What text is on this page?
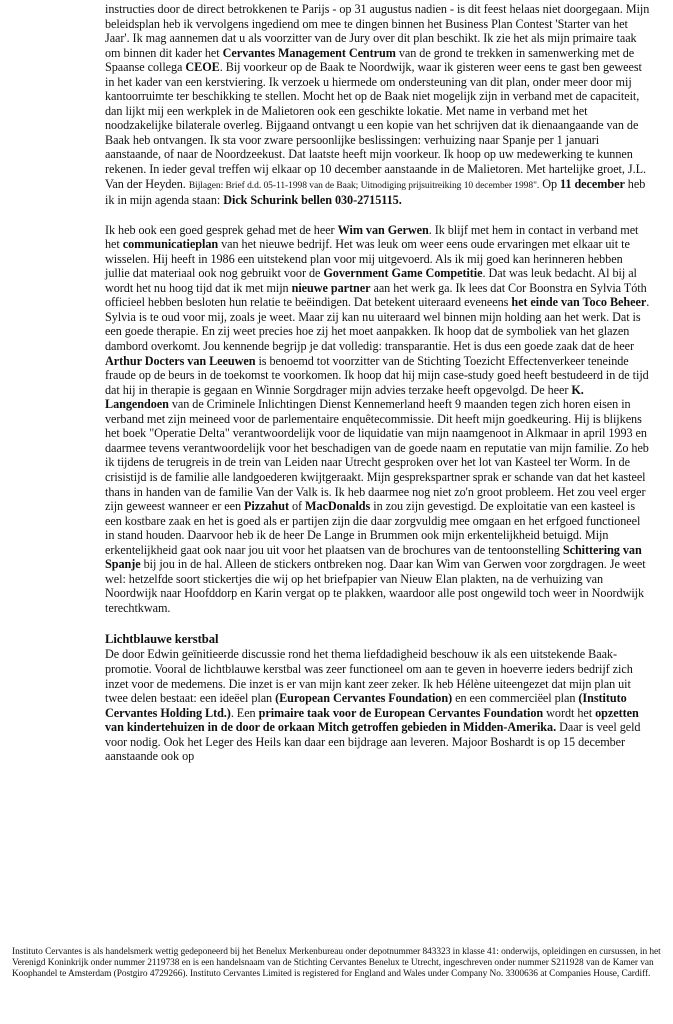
instructies door de direct betrokkenen te Parijs - op 31 augustus nadien - is dit feest helaas niet doorgegaan. Mijn beleidsplan heb ik vervolgens ingediend om mee te dingen binnen het Business Plan Contest 'Starter van het Jaar'. Ik mag aannemen dat u als voorzitter van de Jury over dit plan beschikt. Ik zie het als mijn primaire taak om binnen dit kader het Cervantes Management Centrum van de grond te trekken in samenwerking met de Spaanse collega CEOE. Bij voorkeur op de Baak te Noordwijk, waar ik gisteren weer eens te gast ben geweest in het kader van een kerstviering. Ik verzoek u hiermede om ondersteuning van dit plan, onder meer door mij kantoorruimte ter beschikking te stellen. Mocht het op de Baak niet mogelijk zijn in verband met de capaciteit, dan lijkt mij een werkplek in de Malietoren ook een geschikte lokatie. Met name in verband met het noodzakelijke bilaterale overleg. Bijgaand ontvangt u een kopie van het schrijven dat ik dienaangaande van de Baak heb ontvangen. Ik sta voor zware persoonlijke beslissingen: verhuizing naar Spanje per 1 januari aanstaande, of naar de Noordzeekust. Dat laatste heeft mijn voorkeur. Ik hoop op uw medewerking te kunnen rekenen. In ieder geval treffen wij elkaar op 10 december aanstaande in de Malietoren. Met hartelijke groet, J.L. Van der Heyden. Bijlagen: Brief d.d. 05-11-1998 van de Baak; Uitnodiging prijsuitreiking 10 december 1998". Op 11 december heb ik in mijn agenda staan: Dick Schurink bellen 030-2715115.

Ik heb ook een goed gesprek gehad met de heer Wim van Gerwen. Ik blijf met hem in contact in verband met het communicatieplan van het nieuwe bedrijf. Het was leuk om weer eens oude ervaringen met elkaar uit te wisselen. Hij heeft in 1986 een uitstekend plan voor mij uitgevoerd. Als ik mij goed kan herinneren hebben jullie dat materiaal ook nog gebruikt voor de Government Game Competitie. Dat was leuk bedacht. Al bij al wordt het nu hoog tijd dat ik met mijn nieuwe partner aan het werk ga. Ik lees dat Cor Boonstra en Sylvia Tóth officieel hebben besloten hun relatie te beëindigen. Dat betekent uiteraard eveneens het einde van Toco Beheer. Sylvia is te oud voor mij, zoals je weet. Maar zij kan nu uiteraard wel binnen mijn holding aan het werk. Dat is een goede therapie. En zij weet precies hoe zij het moet aanpakken. Ik hoop dat de symboliek van het glazen dambord overkomt. Jou kennende begrijp je dat volledig: transparantie. Het is dus een goede zaak dat de heer Arthur Docters van Leeuwen is benoemd tot voorzitter van de Stichting Toezicht Effectenverkeer teneinde fraude op de beurs in de toekomst te voorkomen. Ik hoop dat hij mijn case-study goed heeft bestudeerd in de tijd dat hij in therapie is gegaan en Winnie Sorgdrager mijn advies terzake heeft opgevolgd. De heer K. Langendoen van de Criminele Inlichtingen Dienst Kennemerland heeft 9 maanden tegen zich horen eisen in verband met zijn meineed voor de parlementaire enquêtecommissie. Dit heeft mijn goedkeuring. Hij is blijkens het boek "Operatie Delta" verantwoordelijk voor de liquidatie van mijn naamgenoot in Alkmaar in april 1993 en daarmee tevens verantwoordelijk voor het beschadigen van de goede naam en reputatie van mijn familie. Zo heb ik tijdens de terugreis in de trein van Leiden naar Utrecht gesproken over het lot van Kasteel ter Worm. In de crisistijd is de familie alle landgoederen kwijtgeraakt. Mijn gesprekspartner sprak er schande van dat het kasteel thans in handen van de familie Van der Valk is. Ik heb daarmee nog niet zo'n groot probleem. Het zou veel erger zijn geweest wanneer er een Pizzahut of MacDonalds in zou zijn gevestigd. De exploitatie van een kasteel is een kostbare zaak en het is goed als er partijen zijn die daar zorgvuldig mee omgaan en het erfgoed functioneel in stand houden. Daarvoor heb ik de heer De Lange in Brummen ook mijn erkentelijkheid betuigd. Mijn erkentelijkheid gaat ook naar jou uit voor het plaatsen van de brochures van de tentoonstelling Schittering van Spanje bij jou in de hal. Alleen de stickers ontbreken nog. Daar kan Wim van Gerwen voor zorgdragen. Je weet wel: hetzelfde soort stickertjes die wij op het briefpapier van Nieuw Elan plakten, na de verhuizing van Noordwijk naar Hoofddorp en Karin vergat op te plakken, waardoor alle post ongewild toch weer in Noordwijk terechtkwam.

Lichtblauwe kerstbal

De door Edwin geïnitieerde discussie rond het thema liefdadigheid beschouw ik als een uitstekende Baak-promotie. Vooral de lichtblauwe kerstbal was zeer functioneel om aan te geven in hoeverre ieders bedrijf zich inzet voor de medemens. Die inzet is er van mijn kant zeer zeker. Ik heb Hélène uiteengezet dat mijn plan uit twee delen bestaat: een ideëel plan (European Cervantes Foundation) en een commerciëel plan (Instituto Cervantes Holding Ltd.). Een primaire taak voor de European Cervantes Foundation wordt het opzetten van kindertehuizen in de door de orkaan Mitch getroffen gebieden in Midden-Amerika. Daar is veel geld voor nodig. Ook het Leger des Heils kan daar een bijdrage aan leveren. Majoor Boshardt is op 15 december aanstaande ook op

Instituto Cervantes is als handelsmerk wettig gedeponeerd bij het Benelux Merkenbureau onder depotnummer 843323 in klasse 41: onderwijs, opleidingen en cursussen, in het Verenigd Koninkrijk onder nummer 2119738 en is een handelsnaam van de Stichting Cervantes Benelux te Utrecht, ingeschreven onder nummer S211928 van de Kamer van Koophandel te Amsterdam (Postgiro 4729266). Instituto Cervantes Limited is registered for England and Wales under Company No. 3300636 at Companies House, Cardiff.
